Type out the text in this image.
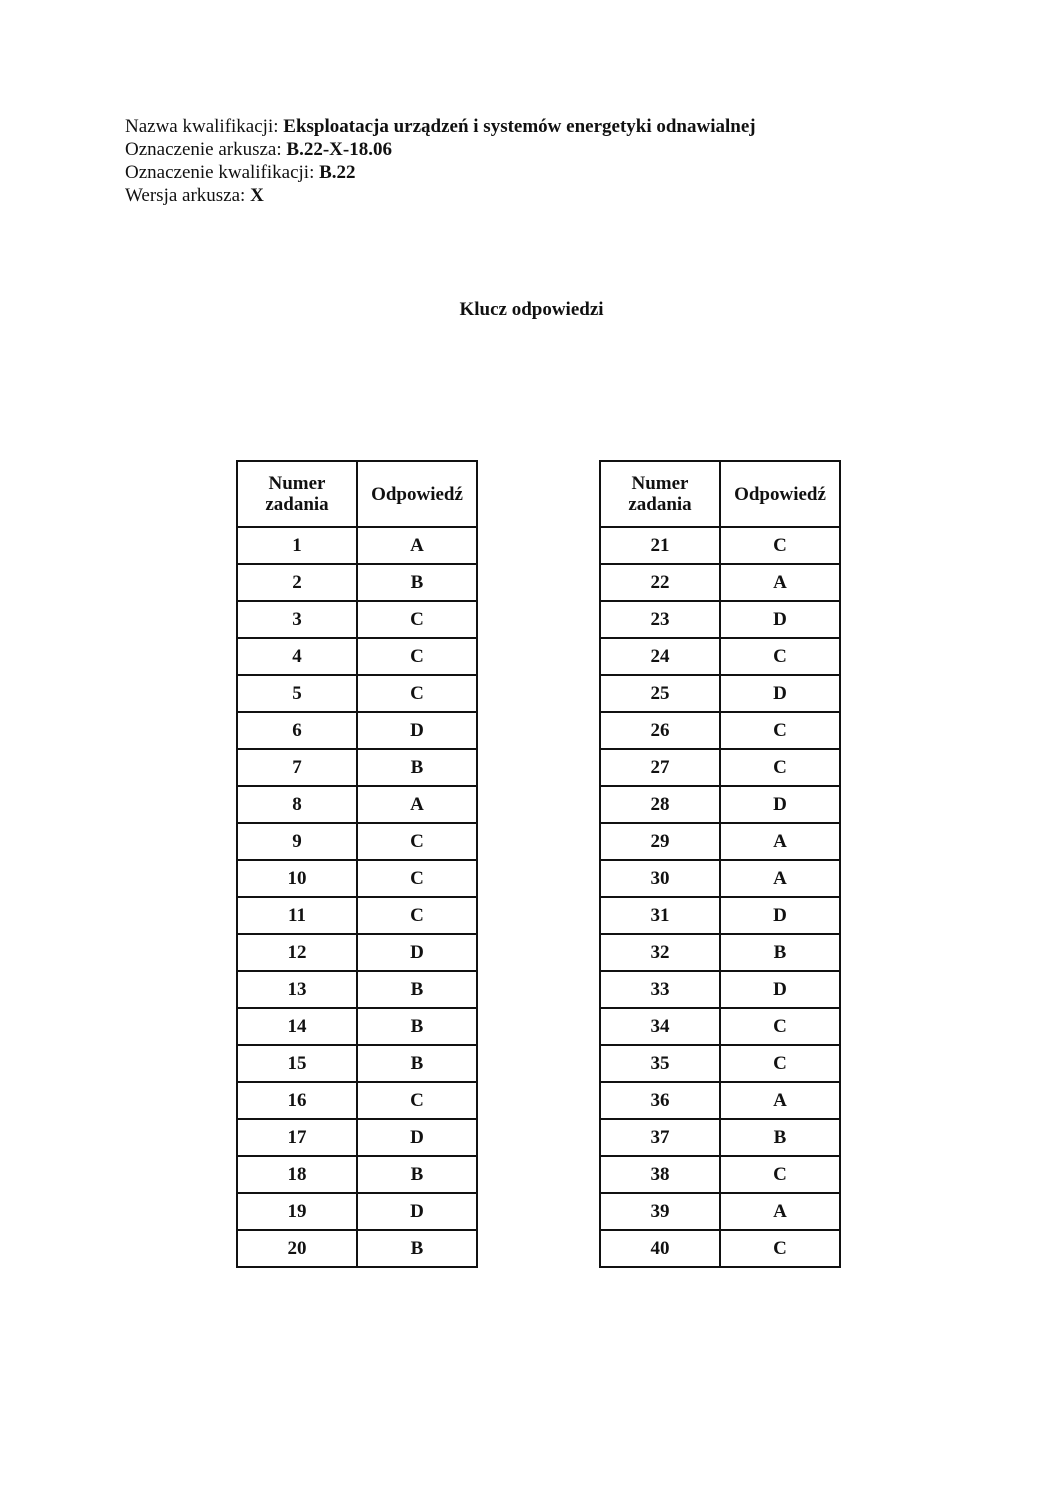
Nazwa kwalifikacji: Eksploatacja urządzeń i systemów energetyki odnawialnej
Oznaczenie arkusza: B.22-X-18.06
Oznaczenie kwalifikacji: B.22
Wersja arkusza: X
Klucz odpowiedzi
Numer
zadania	Odpowiedź
1	A
2	B
3	C
4	C
5	C
6	D
7	B
8	A
9	C
10	C
11	C
12	D
13	B
14	B
15	B
16	C
17	D
18	B
19	D
20	B
Numer
zadania	Odpowiedź
21	C
22	A
23	D
24	C
25	D
26	C
27	C
28	D
29	A
30	A
31	D
32	B
33	D
34	C
35	C
36	A
37	B
38	C
39	A
40	C
